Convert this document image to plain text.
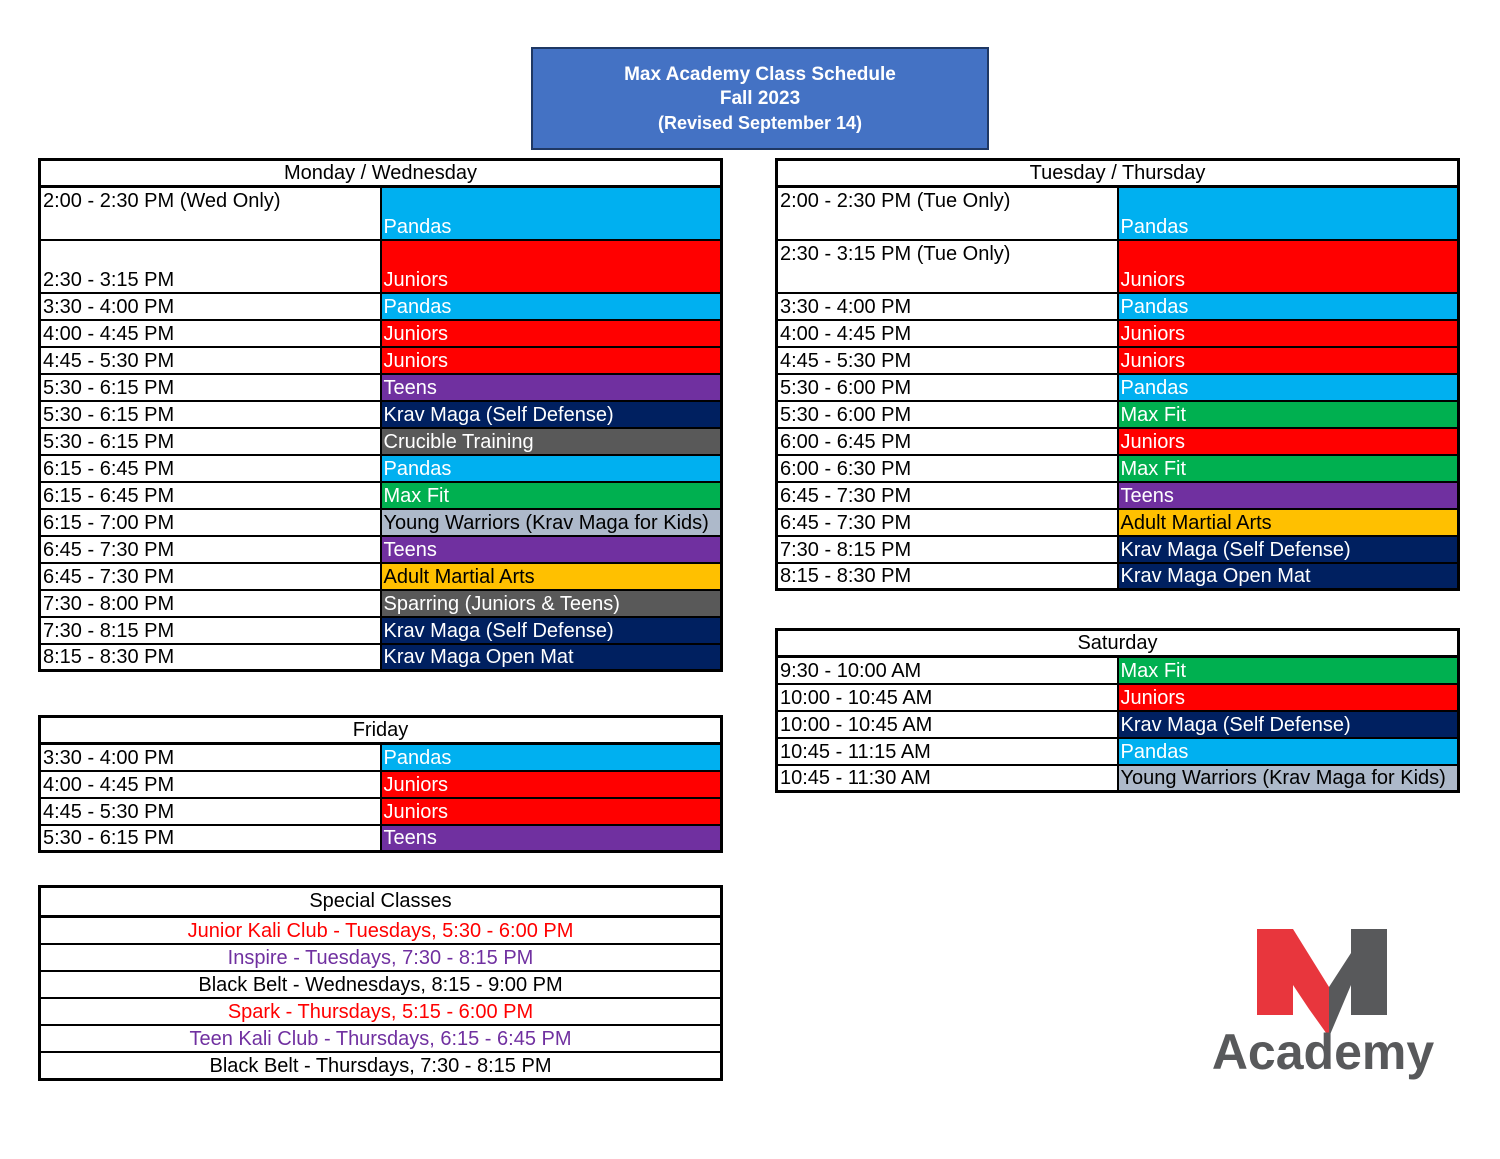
Max Academy Class Schedule
Fall 2023
(Revised September 14)
Monday / Wednesday	
2:00 - 2:30 PM (Wed Only)	Pandas
2:30 - 3:15 PM	Juniors
3:30 - 4:00 PM	Pandas
4:00 - 4:45 PM	Juniors
4:45 - 5:30 PM	Juniors
5:30 - 6:15 PM	Teens
5:30 - 6:15 PM	Krav Maga (Self Defense)
5:30 - 6:15 PM	Crucible Training
6:15 - 6:45 PM	Pandas
6:15 - 6:45 PM	Max Fit
6:15 - 7:00 PM	Young Warriors (Krav Maga for Kids)
6:45 - 7:30 PM	Teens
6:45 - 7:30 PM	Adult Martial Arts
7:30 - 8:00 PM	Sparring (Juniors & Teens)
7:30 - 8:15 PM	Krav Maga (Self Defense)
8:15 - 8:30 PM	Krav Maga Open Mat
Tuesday / Thursday	
2:00 - 2:30 PM (Tue Only)	Pandas
2:30 - 3:15 PM (Tue Only)	Juniors
3:30 - 4:00 PM	Pandas
4:00 - 4:45 PM	Juniors
4:45 - 5:30 PM	Juniors
5:30 - 6:00 PM	Pandas
5:30 - 6:00 PM	Max Fit
6:00 - 6:45 PM	Juniors
6:00 - 6:30 PM	Max Fit
6:45 - 7:30 PM	Teens
6:45 - 7:30 PM	Adult Martial Arts
7:30 - 8:15 PM	Krav Maga (Self Defense)
8:15 - 8:30 PM	Krav Maga Open Mat
Friday	
3:30 - 4:00 PM	Pandas
4:00 - 4:45 PM	Juniors
4:45 - 5:30 PM	Juniors
5:30 - 6:15 PM	Teens
Saturday	
9:30 - 10:00 AM	Max Fit
10:00 - 10:45 AM	Juniors
10:00 - 10:45 AM	Krav Maga (Self Defense)
10:45 - 11:15 AM	Pandas
10:45 - 11:30 AM	Young Warriors (Krav Maga for Kids)
Special Classes
Junior Kali Club - Tuesdays, 5:30 - 6:00 PM
Inspire - Tuesdays, 7:30 - 8:15 PM
Black Belt - Wednesdays, 8:15 - 9:00 PM
Spark - Thursdays, 5:15 - 6:00 PM
Teen Kali Club - Thursdays, 6:15 - 6:45 PM
Black Belt - Thursdays, 7:30 - 8:15 PM	Academy
